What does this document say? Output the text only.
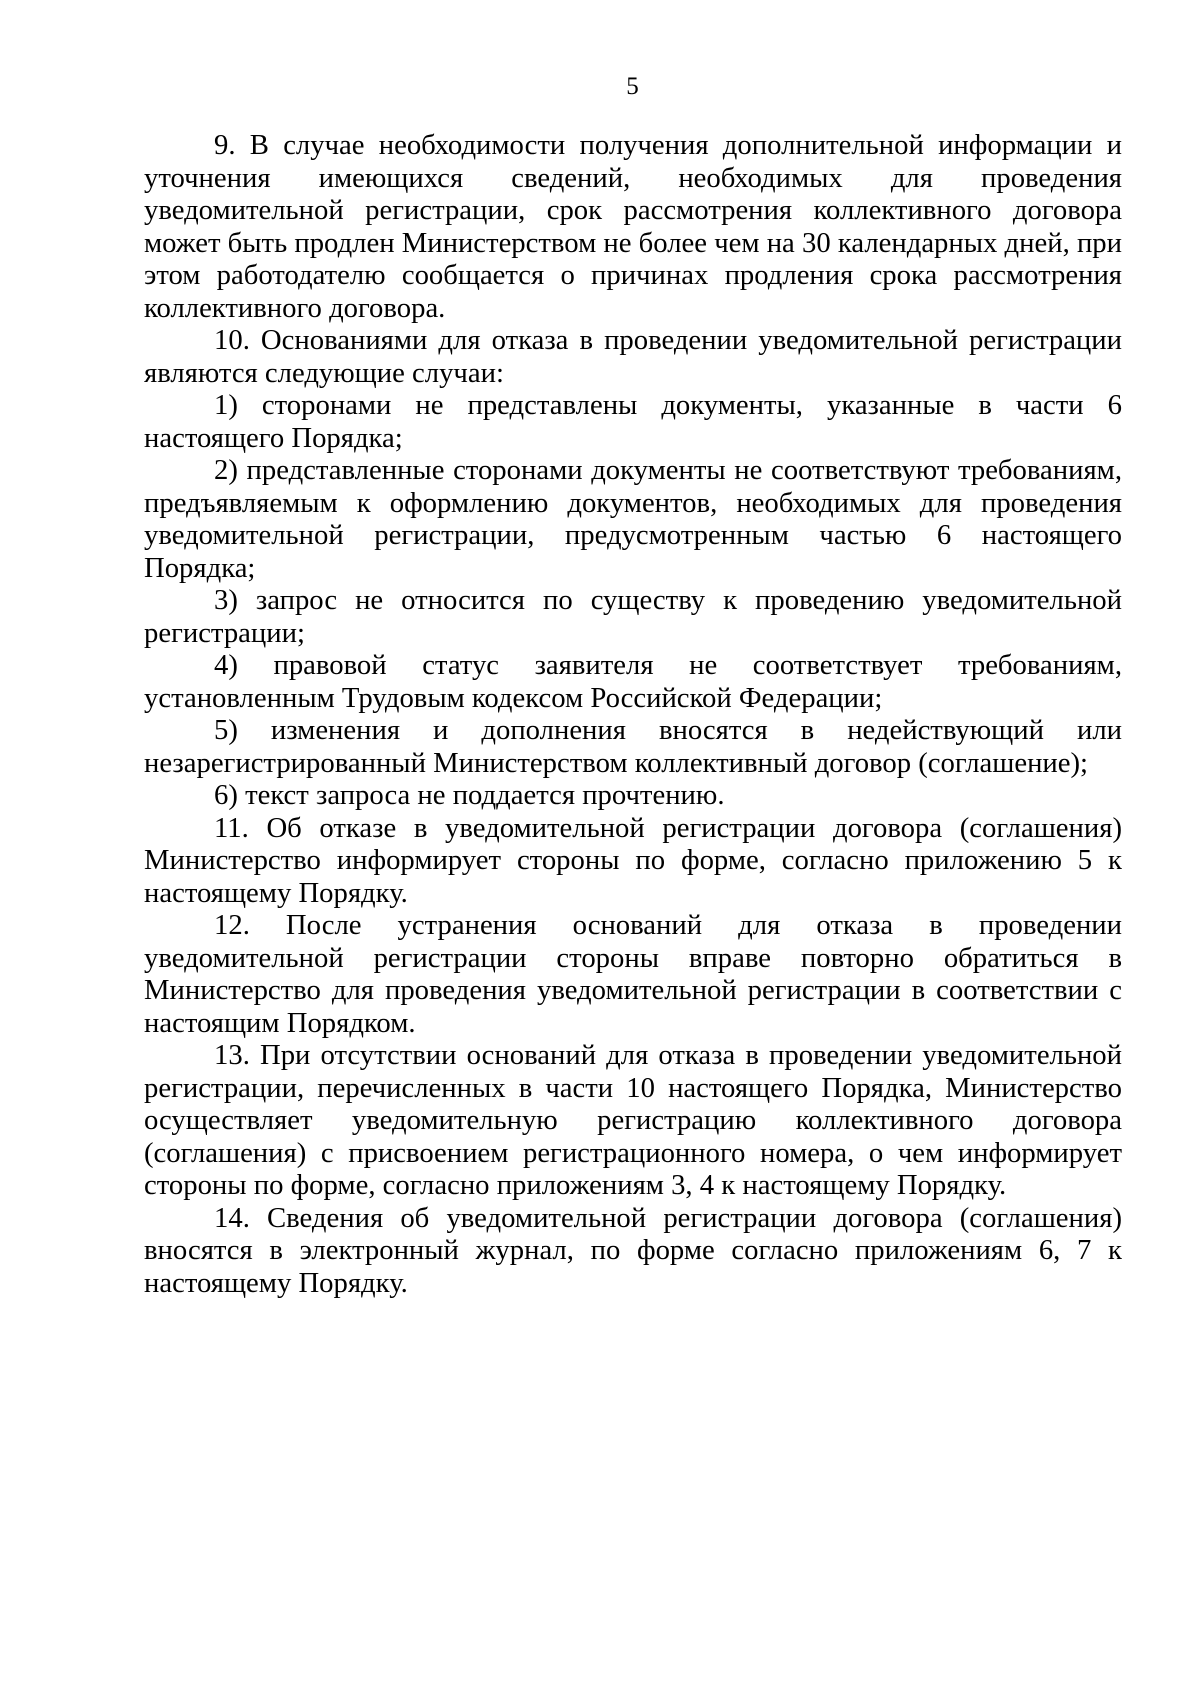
5

9. В случае необходимости получения дополнительной информации и уточнения имеющихся сведений, необходимых для проведения уведомительной регистрации, срок рассмотрения коллективного договора может быть продлен Министерством не более чем на 30 календарных дней, при этом работодателю сообщается о причинах продления срока рассмотрения коллективного договора.

10. Основаниями для отказа в проведении уведомительной регистрации являются следующие случаи:

1) сторонами не представлены документы, указанные в части 6 настоящего Порядка;

2) представленные сторонами документы не соответствуют требованиям, предъявляемым к оформлению документов, необходимых для проведения уведомительной регистрации, предусмотренным частью 6 настоящего Порядка;

3) запрос не относится по существу к проведению уведомительной регистрации;

4) правовой статус заявителя не соответствует требованиям, установленным Трудовым кодексом Российской Федерации;

5) изменения и дополнения вносятся в недействующий или незарегистрированный Министерством коллективный договор (соглашение);

6) текст запроса не поддается прочтению.

11. Об отказе в уведомительной регистрации договора (соглашения) Министерство информирует стороны по форме, согласно приложению 5 к настоящему Порядку.

12. После устранения оснований для отказа в проведении уведомительной регистрации стороны вправе повторно обратиться в Министерство для проведения уведомительной регистрации в соответствии с настоящим Порядком.

13. При отсутствии оснований для отказа в проведении уведомительной регистрации, перечисленных в части 10 настоящего Порядка, Министерство осуществляет уведомительную регистрацию коллективного договора (соглашения) с присвоением регистрационного номера, о чем информирует стороны по форме, согласно приложениям 3, 4 к настоящему Порядку.

14. Сведения об уведомительной регистрации договора (соглашения) вносятся в электронный журнал, по форме согласно приложениям 6, 7 к настоящему Порядку.
